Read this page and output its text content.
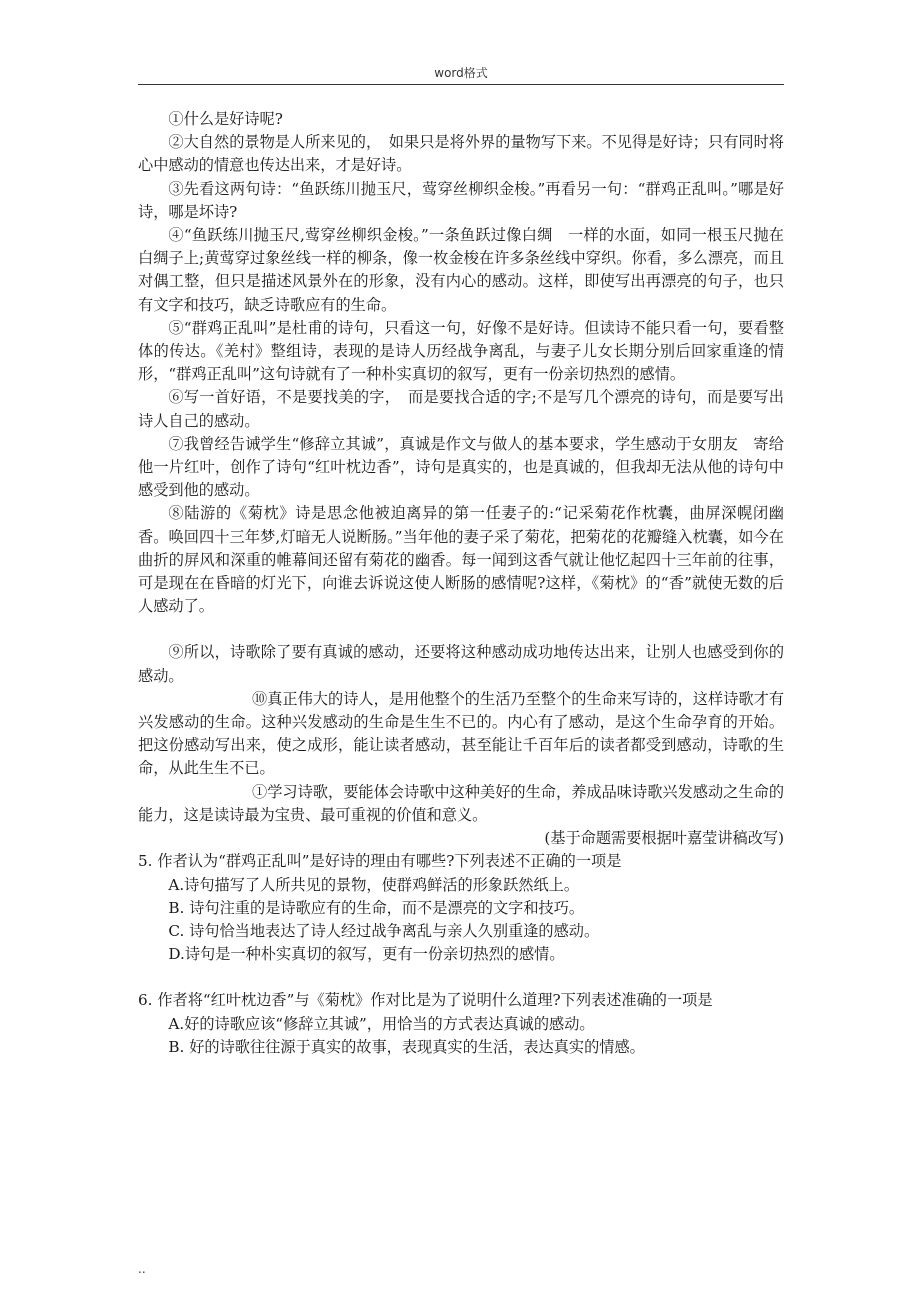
word格式

①什么是好诗呢?

②大自然的景物是人所来见的，　如果只是将外界的量物写下来。不见得是好诗；只有同时将心中感动的情意也传达出来，才是好诗。

③先看这两句诗：“鱼跃练川抛玉尺，莺穿丝柳织金梭。”再看另一句：“群鸡正乱叫。”哪是好诗，哪是坏诗?

④“鱼跃练川抛玉尺,莺穿丝柳织金梭。”一条鱼跃过像白绸　一样的水面，如同一根玉尺抛在白绸子上;黄莺穿过象丝线一样的柳条，像一枚金梭在许多条丝线中穿织。你看，多么漂亮，而且对偶工整，但只是描述风景外在的形象，没有内心的感动。这样，即使写出再漂亮的句子，也只有文字和技巧，缺乏诗歌应有的生命。

⑤“群鸡正乱叫”是杜甫的诗句，只看这一句，好像不是好诗。但读诗不能只看一句，要看整体的传达。《羌村》整组诗，表现的是诗人历经战争离乱，与妻子儿女长期分别后回家重逢的情形，“群鸡正乱叫”这句诗就有了一种朴实真切的叙写，更有一份亲切热烈的感情。

⑥写一首好语，不是要找美的字，　而是要找合适的字;不是写几个漂亮的诗句，而是要写出诗人自己的感动。

⑦我曾经告诫学生“修辞立其诚”，真诚是作文与做人的基本要求，学生感动于女朋友　寄给他一片红叶，创作了诗句“红叶枕边香”，诗句是真实的，也是真诚的，但我却无法从他的诗句中感受到他的感动。

⑧陆游的《菊枕》诗是思念他被迫离异的第一任妻子的:“记采菊花作枕囊，曲屏深幌闭幽香。唤回四十三年梦,灯暗无人说断肠。”当年他的妻子采了菊花，把菊花的花瓣缝入枕囊，如今在曲折的屏风和深重的帷幕间还留有菊花的幽香。每一闻到这香气就让他忆起四十三年前的往事，可是现在在昏暗的灯光下，向谁去诉说这使人断肠的感情呢?这样，《菊枕》的“香”就使无数的后人感动了。

⑨所以，诗歌除了要有真诚的感动，还要将这种感动成功地传达出来，让别人也感受到你的感动。

⑩真正伟大的诗人，是用他整个的生活乃至整个的生命来写诗的，这样诗歌才有兴发感动的生命。这种兴发感动的生命是生生不已的。内心有了感动，是这个生命孕育的开始。把这份感动写出来，使之成形，能让读者感动，甚至能让千百年后的读者都受到感动，诗歌的生命，从此生生不已。

①学习诗歌，要能体会诗歌中这种美好的生命，养成品味诗歌兴发感动之生命的能力，这是读诗最为宝贵、最可重视的价值和意义。

(基于命题需要根据叶嘉莹讲稿改写)

5. 作者认为“群鸡正乱叫”是好诗的理由有哪些?下列表述不正确的一项是

A.诗句描写了人所共见的景物，使群鸡鲜活的形象跃然纸上。

B. 诗句注重的是诗歌应有的生命，而不是漂亮的文字和技巧。

C. 诗句恰当地表达了诗人经过战争离乱与亲人久别重逢的感动。

D.诗句是一种朴实真切的叙写，更有一份亲切热烈的感情。

6. 作者将“红叶枕边香”与《菊枕》作对比是为了说明什么道理?下列表述准确的一项是

A.好的诗歌应该“修辞立其诚”，用恰当的方式表达真诚的感动。

B. 好的诗歌往往源于真实的故事，表现真实的生活，表达真实的情感。

..
